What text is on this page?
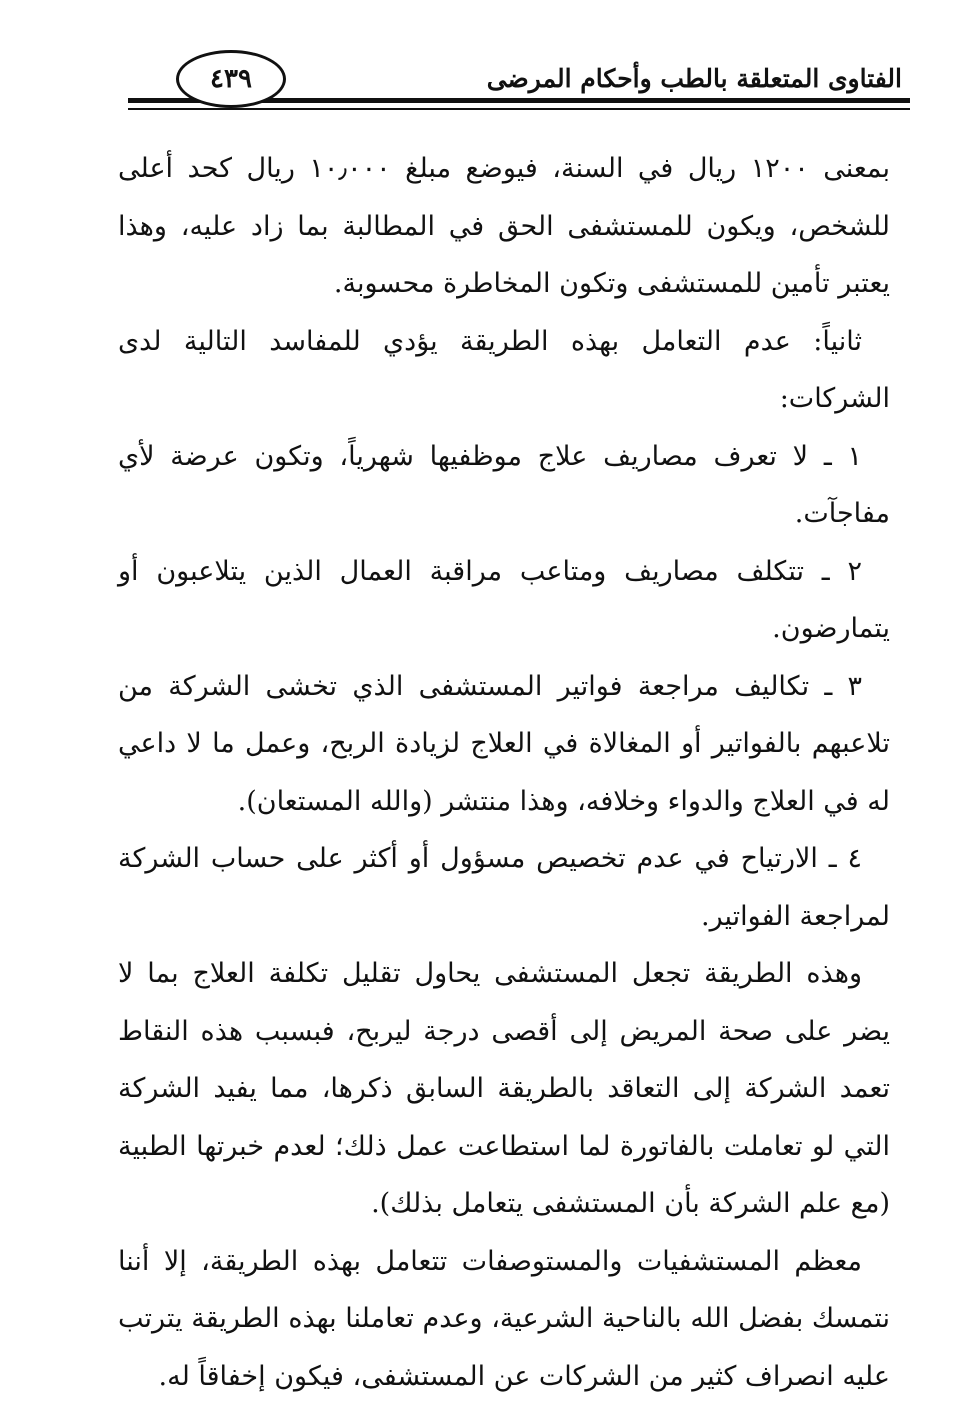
٤٣٩	الفتاوى المتعلقة بالطب وأحكام المرضى

بمعنى ١٢٠٠ ريال في السنة، فيوضع مبلغ ١٠٫٠٠٠ ريال كحد أعلى للشخص، ويكون للمستشفى الحق في المطالبة بما زاد عليه، وهذا يعتبر تأمين للمستشفى وتكون المخاطرة محسوبة.

ثانياً: عدم التعامل بهذه الطريقة يؤدي للمفاسد التالية لدى الشركات:

١ ـ لا تعرف مصاريف علاج موظفيها شهرياً، وتكون عرضة لأي مفاجآت.

٢ ـ تتكلف مصاريف ومتاعب مراقبة العمال الذين يتلاعبون أو يتمارضون.

٣ ـ تكاليف مراجعة فواتير المستشفى الذي تخشى الشركة من تلاعبهم بالفواتير أو المغالاة في العلاج لزيادة الربح، وعمل ما لا داعي له في العلاج والدواء وخلافه، وهذا منتشر (والله المستعان).

٤ ـ الارتياح في عدم تخصيص مسؤول أو أكثر على حساب الشركة لمراجعة الفواتير.

وهذه الطريقة تجعل المستشفى يحاول تقليل تكلفة العلاج بما لا يضر على صحة المريض إلى أقصى درجة ليربح، فبسبب هذه النقاط تعمد الشركة إلى التعاقد بالطريقة السابق ذكرها، مما يفيد الشركة التي لو تعاملت بالفاتورة لما استطاعت عمل ذلك؛ لعدم خبرتها الطبية (مع علم الشركة بأن المستشفى يتعامل بذلك).

معظم المستشفيات والمستوصفات تتعامل بهذه الطريقة، إلا أننا نتمسك بفضل الله بالناحية الشرعية، وعدم تعاملنا بهذه الطريقة يترتب عليه انصراف كثير من الشركات عن المستشفى، فيكون إخفاقاً له.
